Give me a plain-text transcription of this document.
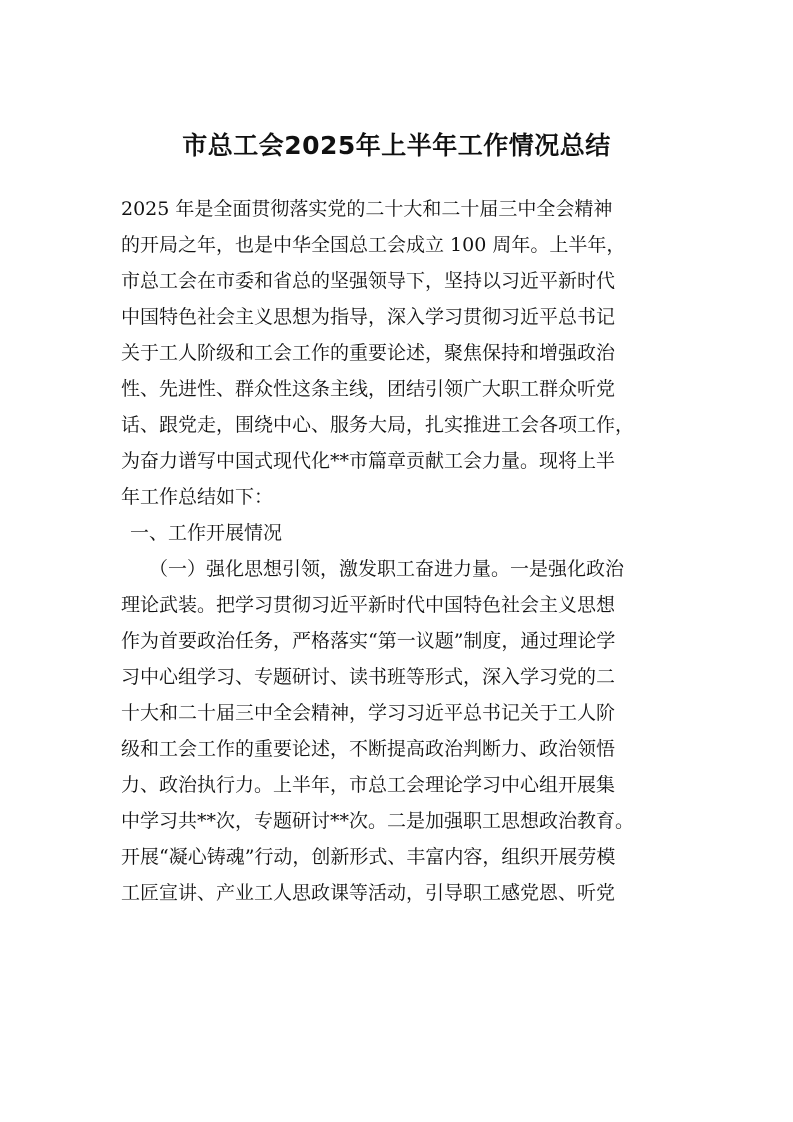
市总工会2025年上半年工作情况总结

2025 年是全面贯彻落实党的二十大和二十届三中全会精神

的开局之年，也是中华全国总工会成立 100 周年。上半年，

市总工会在市委和省总的坚强领导下，坚持以习近平新时代

中国特色社会主义思想为指导，深入学习贯彻习近平总书记

关于工人阶级和工会工作的重要论述，聚焦保持和增强政治

性、先进性、群众性这条主线，团结引领广大职工群众听党

话、跟党走，围绕中心、服务大局，扎实推进工会各项工作，

为奋力谱写中国式现代化**市篇章贡献工会力量。现将上半

年工作总结如下：

一、工作开展情况

（一）强化思想引领，激发职工奋进力量。一是强化政治

理论武装。把学习贯彻习近平新时代中国特色社会主义思想

作为首要政治任务，严格落实“第一议题”制度，通过理论学

习中心组学习、专题研讨、读书班等形式，深入学习党的二

十大和二十届三中全会精神，学习习近平总书记关于工人阶

级和工会工作的重要论述，不断提高政治判断力、政治领悟

力、政治执行力。上半年，市总工会理论学习中心组开展集

中学习共**次，专题研讨**次。二是加强职工思想政治教育。

开展“凝心铸魂”行动，创新形式、丰富内容，组织开展劳模

工匠宣讲、产业工人思政课等活动，引导职工感党恩、听党
